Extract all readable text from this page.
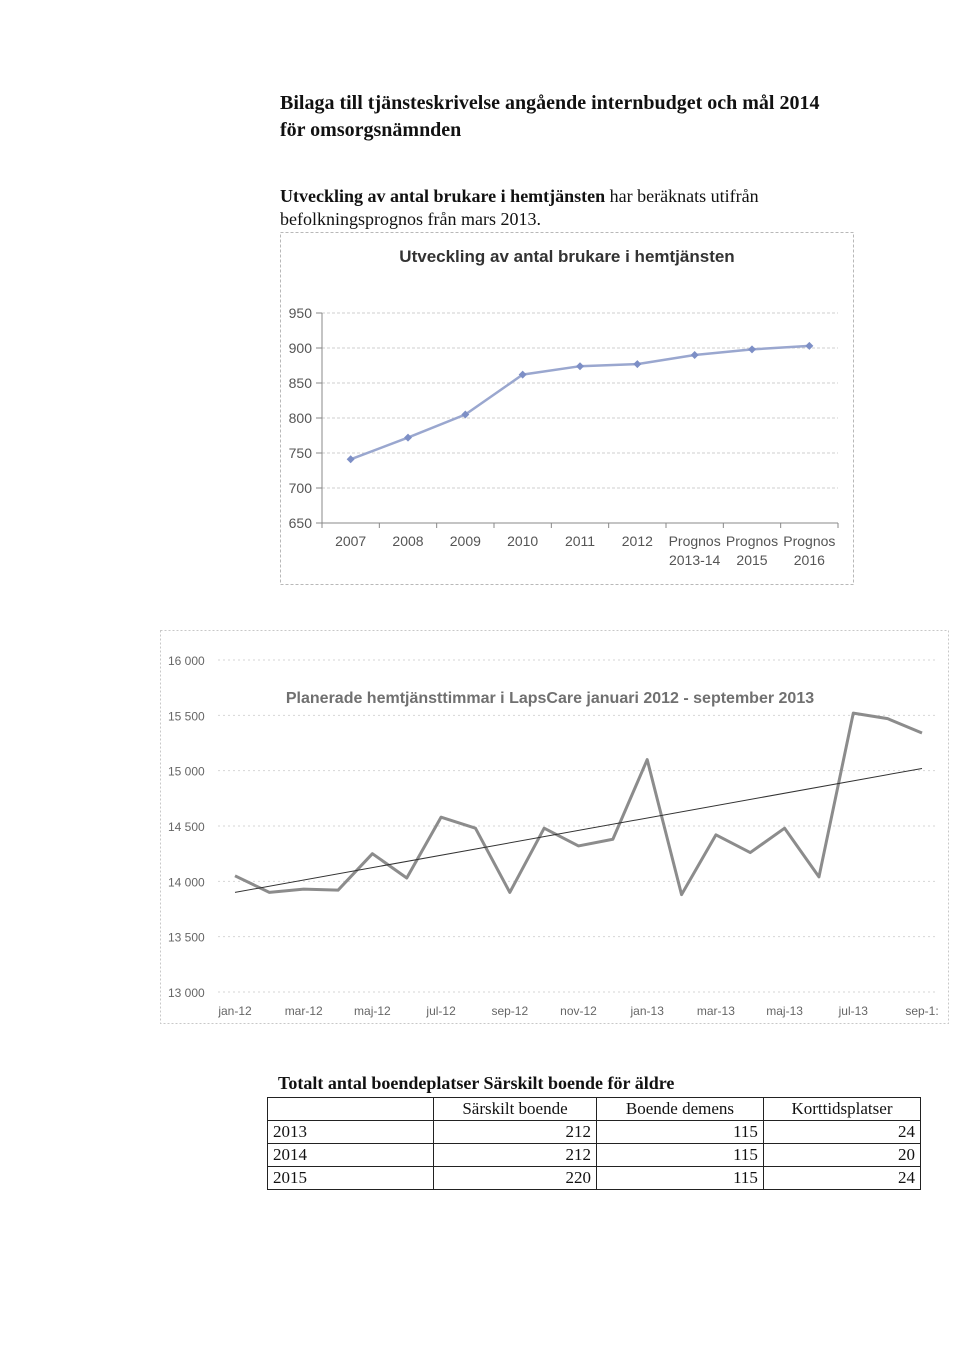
Bilaga till tjänsteskrivelse angående internbudget och mål 2014
för omsorgsnämnden
Utveckling av antal brukare i hemtjänsten har beräknats utifrån
befolkningsprognos från mars 2013.
Utveckling av antal brukare i hemtjänsten
950
900
850
800
750
700
650
2007 2008 2009 2010 2011 2012 Prognos 2013-14
Prognos 2015
Prognos 2016
Planerade hemtjänsttimmar i LapsCare januari 2012 - september 2013
16 000
15 500
15 000
14 500
14 000
13 500
13 000
jan-12	mar-12	maj-12	jul-12	sep-12	nov-12	jan-13	mar-13	maj-13	jul-13	sep-1:
Totalt antal boendeplatser Särskilt boende för äldre
	Särskilt boende	Boende demens	Korttidsplatser
2013	212	115	24
2014	212	115	20
2015	220	115	24
